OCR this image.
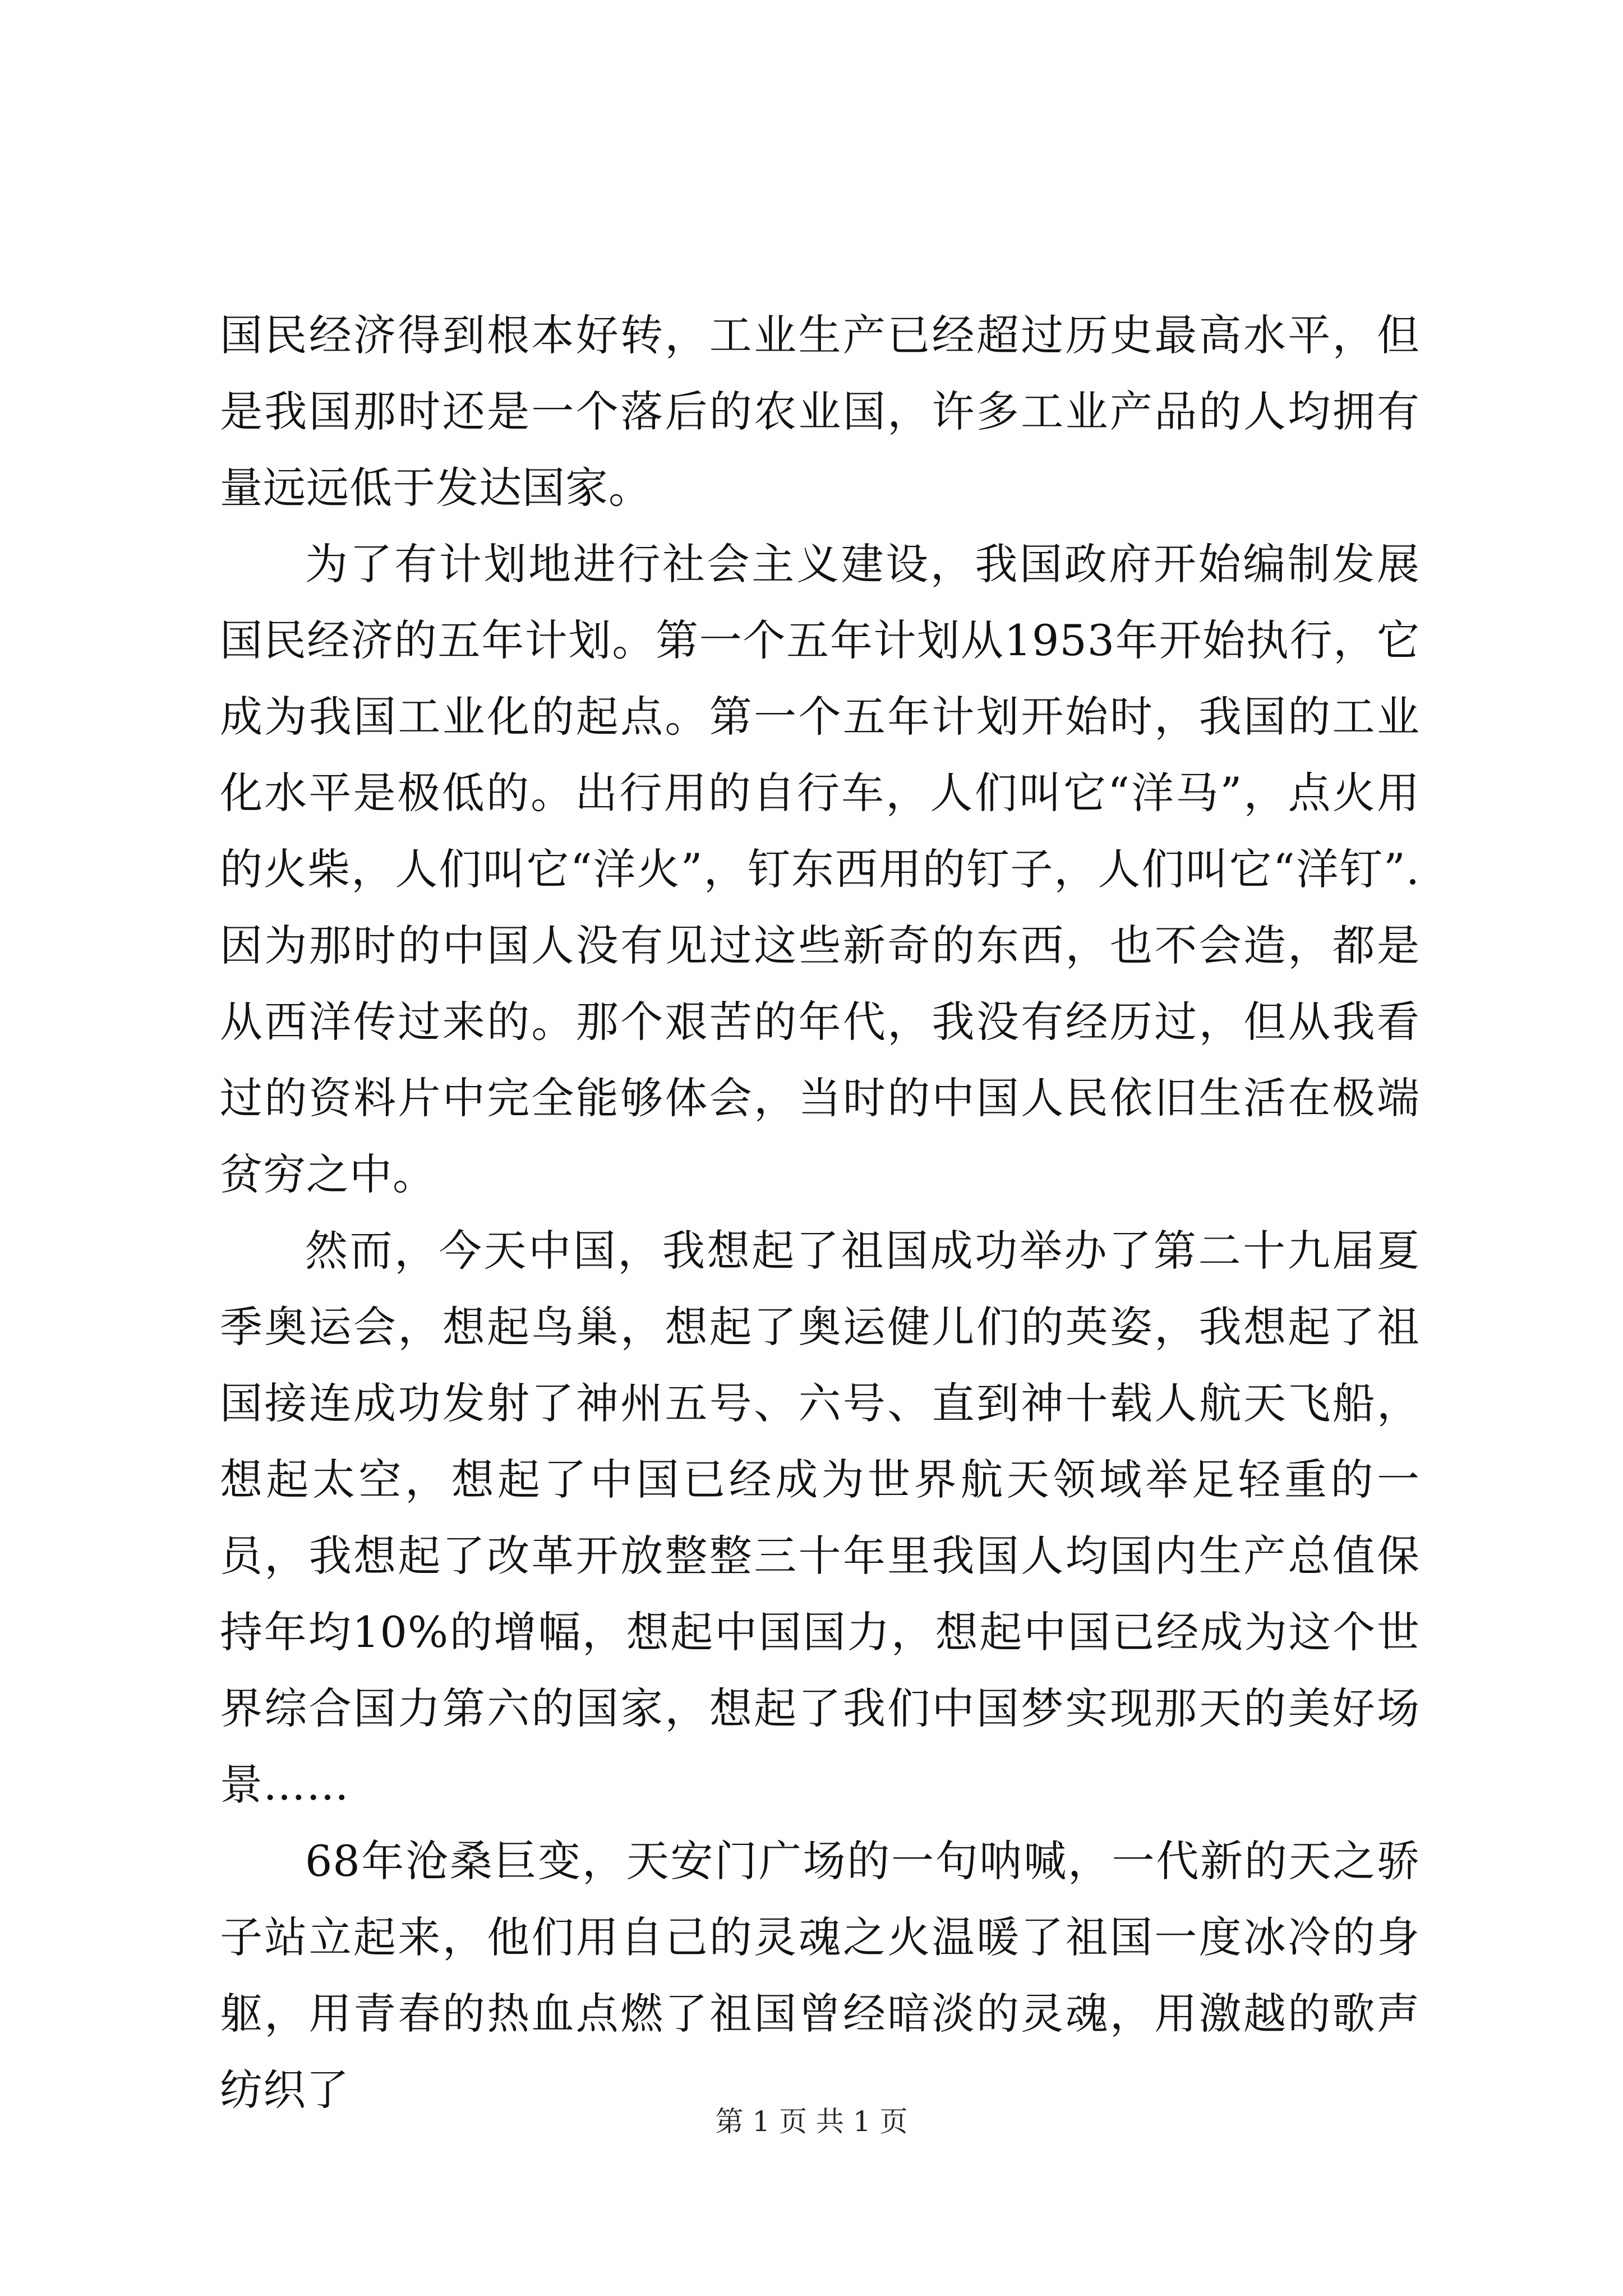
国民经济得到根本好转，工业生产已经超过历史最高水平，但是我国那时还是一个落后的农业国，许多工业产品的人均拥有量远远低于发达国家。

为了有计划地进行社会主义建设，我国政府开始编制发展国民经济的五年计划。第一个五年计划从1953年开始执行，它成为我国工业化的起点。第一个五年计划开始时，我国的工业化水平是极低的。出行用的自行车，人们叫它“洋马”，点火用的火柴，人们叫它“洋火”，钉东西用的钉子，人们叫它“洋钉”.因为那时的中国人没有见过这些新奇的东西，也不会造，都是从西洋传过来的。那个艰苦的年代，我没有经历过，但从我看过的资料片中完全能够体会，当时的中国人民依旧生活在极端贫穷之中。

然而，今天中国，我想起了祖国成功举办了第二十九届夏季奥运会，想起鸟巢，想起了奥运健儿们的英姿，我想起了祖国接连成功发射了神州五号、六号、直到神十载人航天飞船，想起太空，想起了中国已经成为世界航天领域举足轻重的一员，我想起了改革开放整整三十年里我国人均国内生产总值保持年均10%的增幅，想起中国国力，想起中国已经成为这个世界综合国力第六的国家，想起了我们中国梦实现那天的美好场景……

68年沧桑巨变，天安门广场的一句呐喊，一代新的天之骄子站立起来，他们用自己的灵魂之火温暖了祖国一度冰冷的身躯，用青春的热血点燃了祖国曾经暗淡的灵魂，用激越的歌声纺织了

第 1 页 共 1 页
